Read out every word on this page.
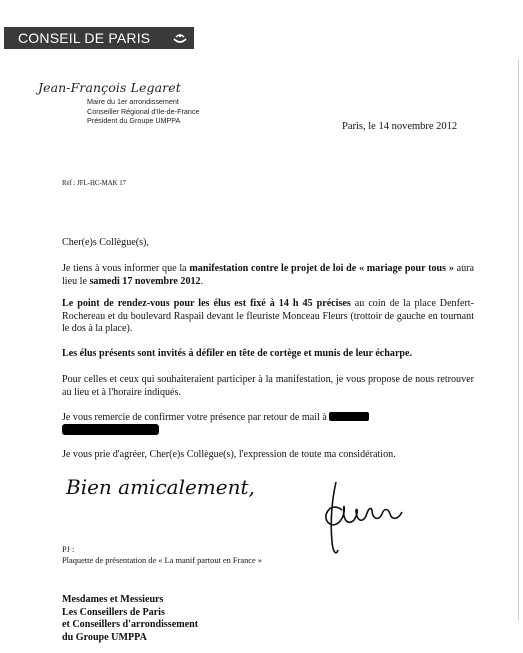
CONSEIL DE PARIS
Jean-François Legaret
Maire du 1er arrondissement
Conseiller Régional d'Ile-de-France
Président du Groupe UMPPA
Paris, le 14 novembre 2012
Réf : JFL-HC-MAK 17
Cher(e)s Collègue(s),
Je tiens à vous informer que la manifestation contre le projet de loi de « mariage pour tous » aura lieu le samedi 17 novembre 2012.
Le point de rendez-vous pour les élus est fixé à 14 h 45 précises au coin de la place Denfert-Rochereau et du boulevard Raspail devant le fleuriste Monceau Fleurs (trottoir de gauche en tournant le dos à la place).
Les élus présents sont invités à défiler en tête de cortège et munis de leur écharpe.
Pour celles et ceux qui souhaiteraient participer à la manifestation, je vous propose de nous retrouver au lieu et à l'horaire indiqués.
Je vous remercie de confirmer votre présence par retour de mail à
Je vous prie d'agréer, Cher(e)s Collègue(s), l'expression de toute ma considération.
Bien amicalement,
PJ :
Plaquette de présentation de « La manif partout en France »
Mesdames et Messieurs
Les Conseillers de Paris
et Conseillers d'arrondissement
du Groupe UMPPA
